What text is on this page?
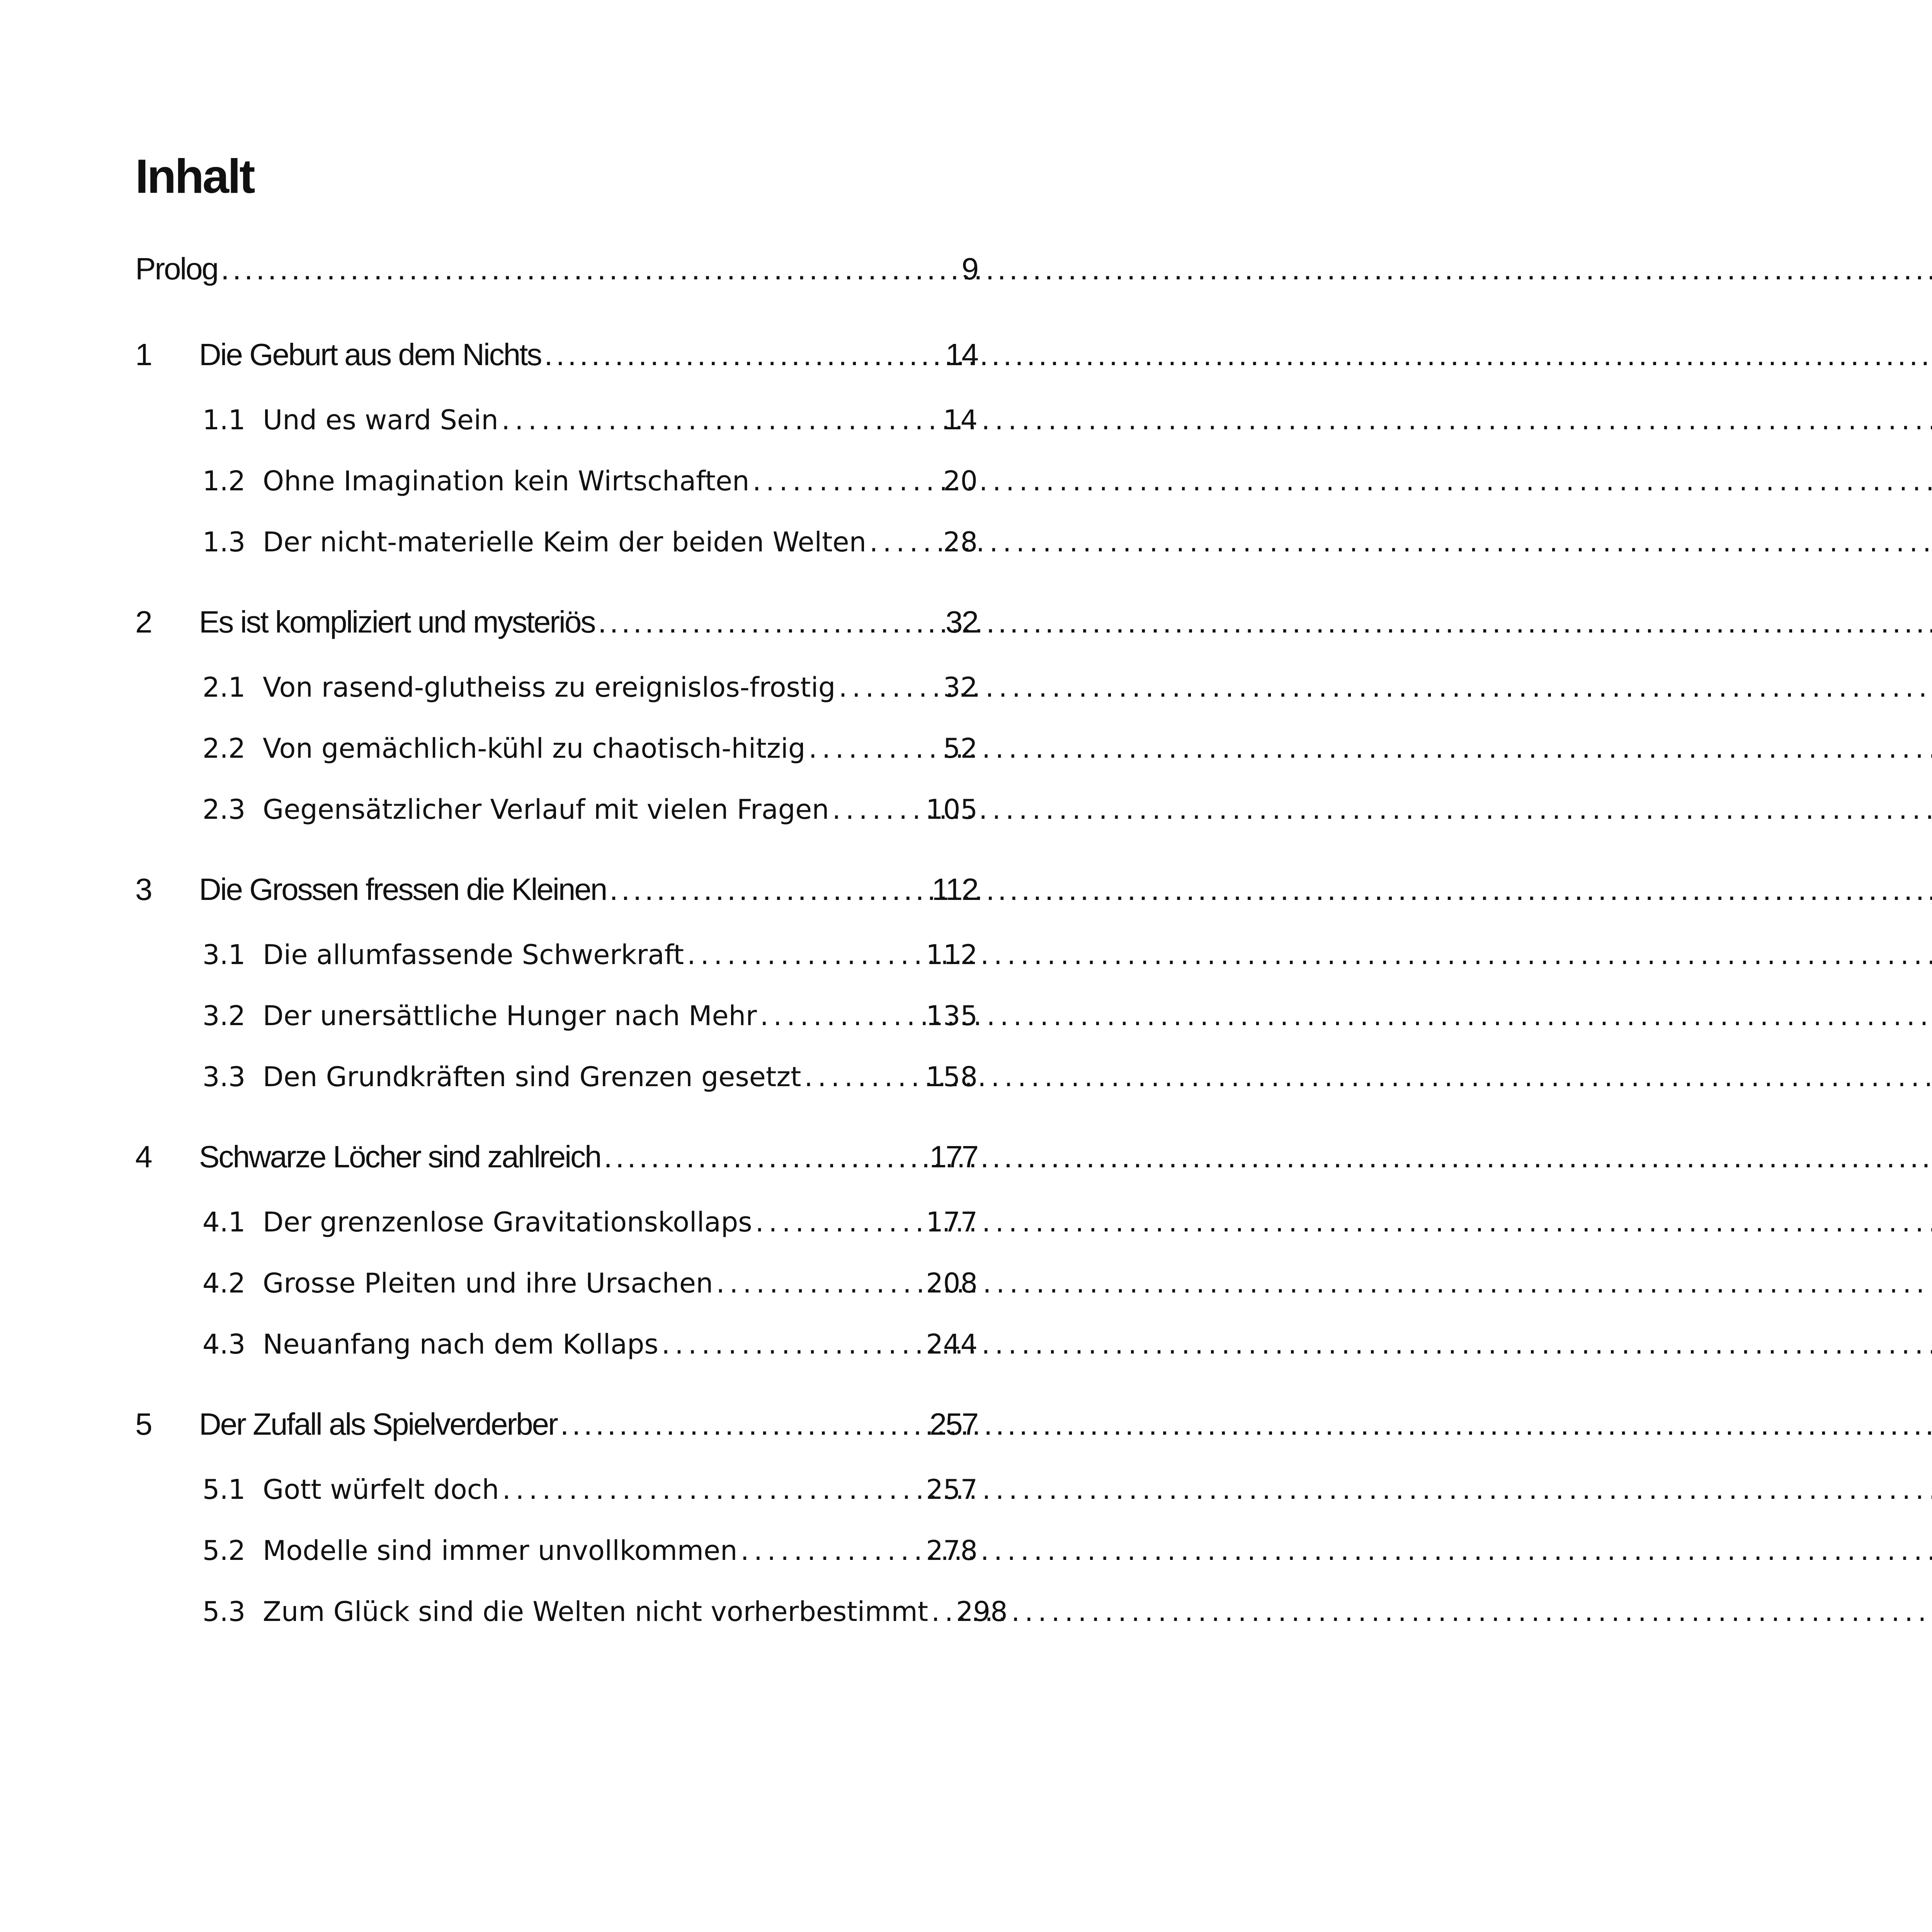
Inhalt
Prolog . . .	9
1	Die Geburt aus dem Nichts . . .	14
1.1 Und es ward Sein . . .	14
1.2 Ohne Imagination kein Wirtschaften . . .	20
1.3 Der nicht-materielle Keim der beiden Welten . . .	28
2	Es ist kompliziert und mysteriös . . .	32
2.1 Von rasend-glutheiss zu ereignislos-frostig . . .	32
2.2 Von gemächlich-kühl zu chaotisch-hitzig . . .	52
2.3 Gegensätzlicher Verlauf mit vielen Fragen . . .	105
3	Die Grossen fressen die Kleinen . . .	112
3.1 Die allumfassende Schwerkraft . . .	112
3.2 Der unersättliche Hunger nach Mehr . . .	135
3.3 Den Grundkräften sind Grenzen gesetzt . . .	158
4	Schwarze Löcher sind zahlreich . . .	177
4.1 Der grenzenlose Gravitationskollaps . . .	177
4.2 Grosse Pleiten und ihre Ursachen . . .	208
4.3 Neuanfang nach dem Kollaps . . .	244
5	Der Zufall als Spielverderber . . .	257
5.1 Gott würfelt doch . . .	257
5.2 Modelle sind immer unvollkommen . . .	278
5.3 Zum Glück sind die Welten nicht vorherbestimmt . . . 298
